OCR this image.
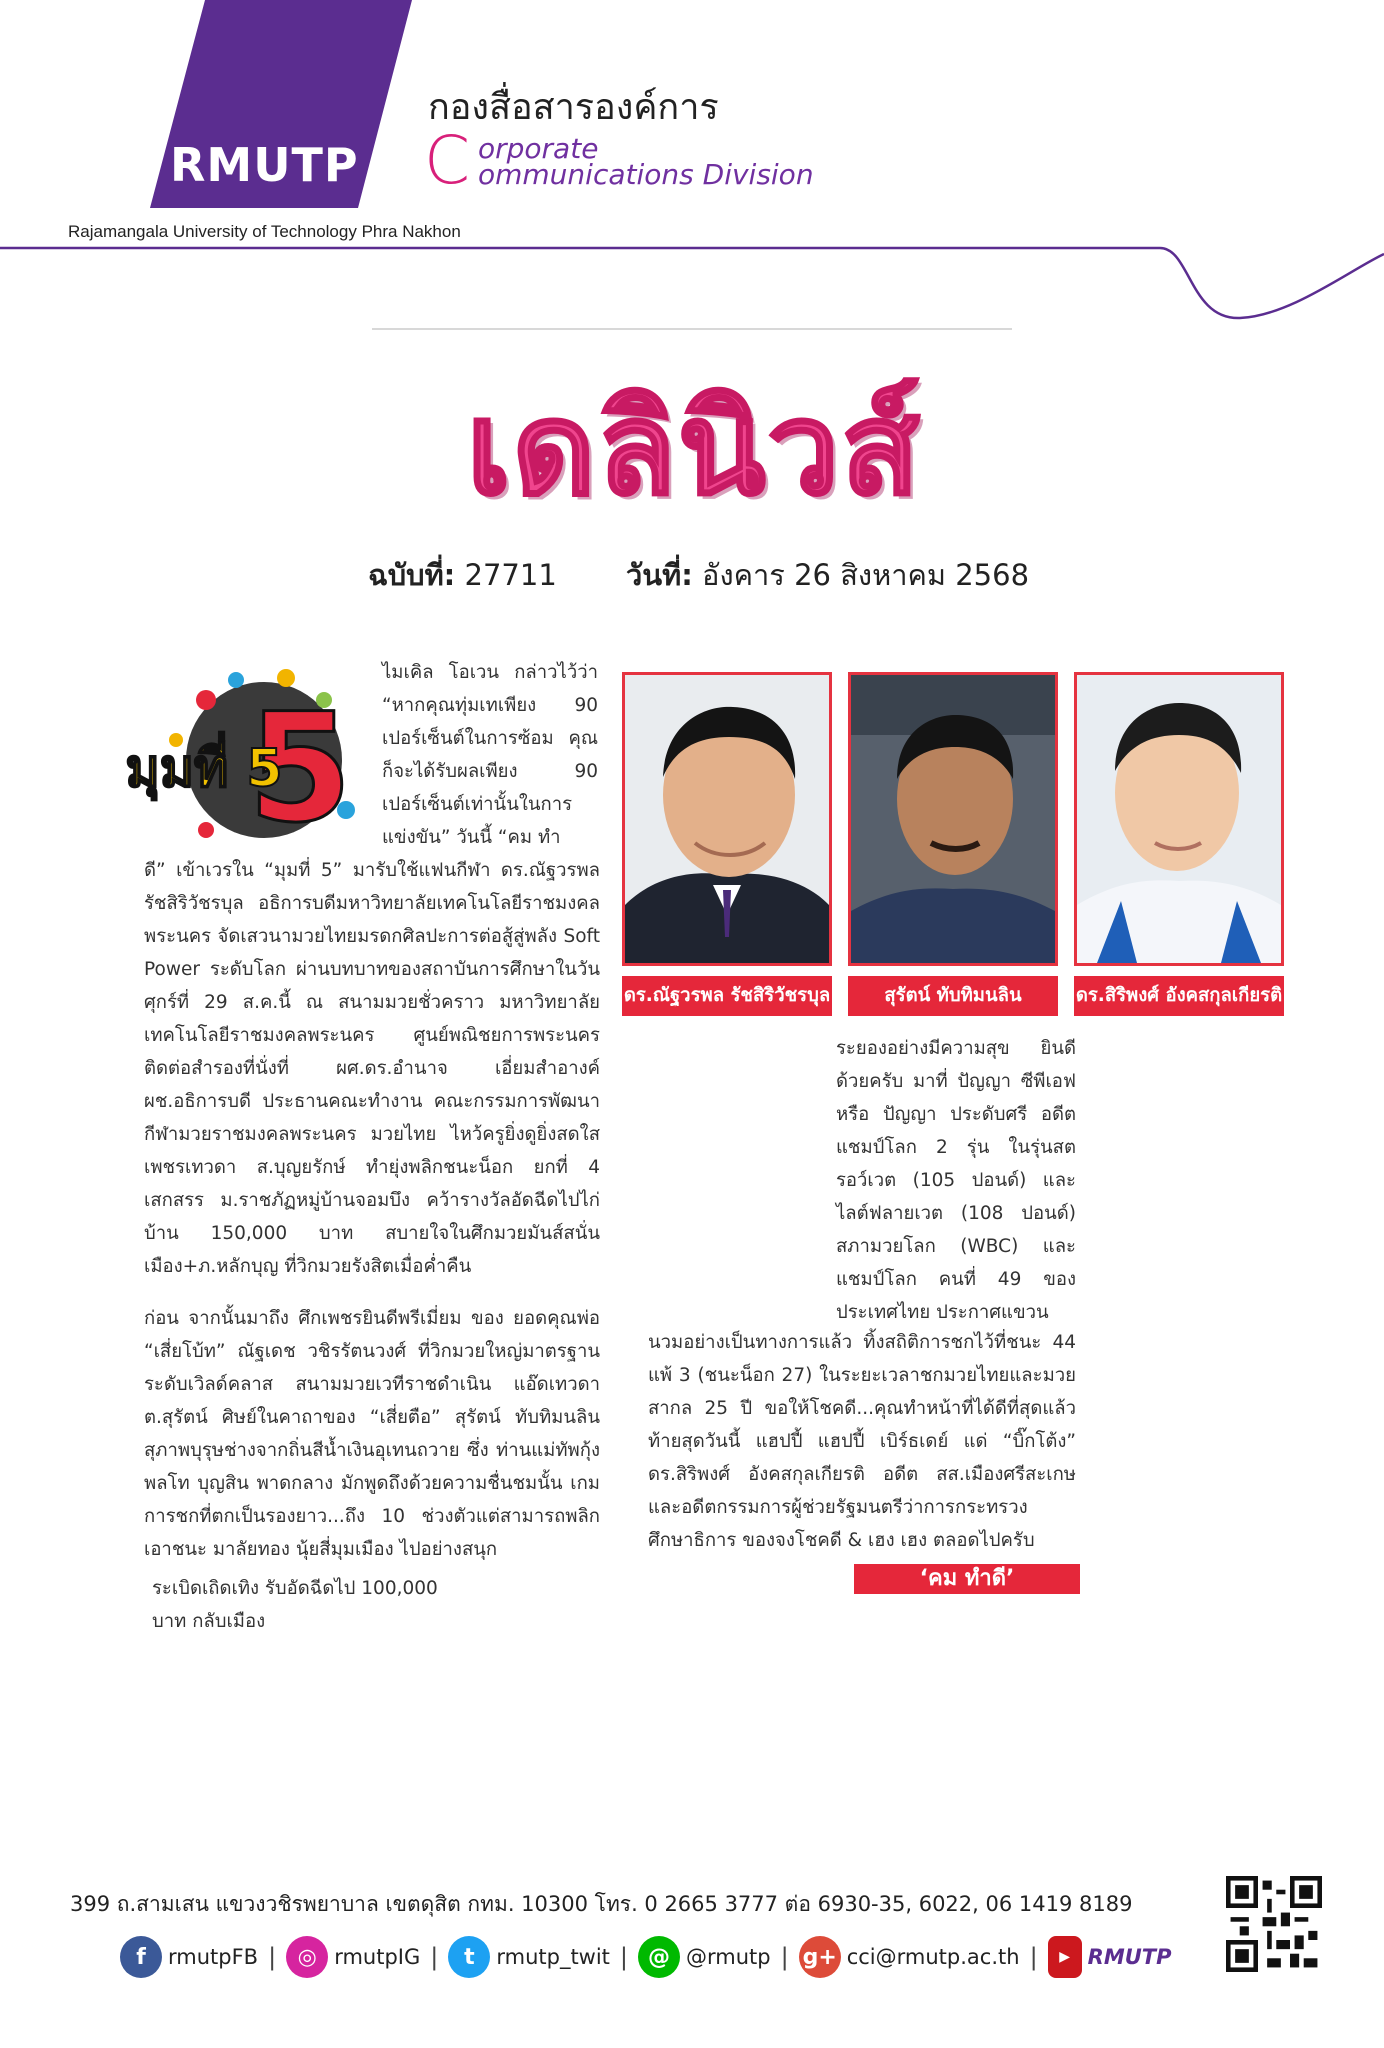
RMUTP
กองสื่อสารองค์การ
C orporate
ommunications Division
Rajamangala University of Technology Phra Nakhon
เดลินิวส์
ฉบับที่: 27711 วันที่: อังคาร 26 สิงหาคม 2568
5
มุมที่ 5
ไมเคิล โอเวน กล่าวไว้ว่า “หากคุณทุ่มเทเพียง 90 เปอร์เซ็นต์ในการซ้อม คุณก็จะได้รับผลเพียง 90 เปอร์เซ็นต์เท่านั้นในการแข่งขัน” วันนี้ “คม ทำ
ดี” เข้าเวรใน “มุมที่ 5” มารับใช้แฟนกีฬา ดร.ณัฐวรพล รัชสิริวัชรบุล อธิการบดีมหาวิทยาลัยเทคโนโลยีราชมงคลพระนคร จัดเสวนามวยไทยมรดกศิลปะการต่อสู้สู่พลัง Soft Power ระดับโลก ผ่านบทบาทของสถาบันการศึกษาในวันศุกร์ที่ 29 ส.ค.นี้ ณ สนามมวยชั่วคราว มหาวิทยาลัยเทคโนโลยีราชมงคลพระนคร ศูนย์พณิชยการพระนคร ติดต่อสำรองที่นั่งที่ ผศ.ดร.อำนาจ เอี่ยมสำอางค์ ผช.อธิการบดี ประธานคณะทำงาน คณะกรรมการพัฒนากีฬามวยราชมงคลพระนคร มวยไทย ไหว้ครูยิ่งดูยิ่งสดใส เพชรเทวดา ส.บุญยรักษ์ ทำยุ่งพลิกชนะน็อก ยกที่ 4 เสกสรร ม.ราชภัฏหมู่บ้านจอมบึง คว้ารางวัลอัดฉีดไปไก่บ้าน 150,000 บาท สบายใจในศึกมวยมันส์สนั่นเมือง+ภ.หลักบุญ ที่วิกมวยรังสิตเมื่อค่ำคืน
ก่อน จากนั้นมาถึง ศึกเพชรยินดีพรีเมี่ยม ของ ยอดคุณพ่อ “เสี่ยโบ้ท” ณัฐเดช วชิรรัตนวงศ์ ที่วิกมวยใหญ่มาตรฐานระดับเวิลด์คลาส สนามมวยเวทีราชดำเนิน แอ๊ดเทวดา ต.สุรัตน์ ศิษย์ในคาถาของ “เสี่ยตือ” สุรัตน์ ทับทิมนลิน สุภาพบุรุษช่างจากถิ่นสีน้ำเงินอุเทนถวาย ซึ่ง ท่านแม่ทัพกุ้ง พลโท บุญสิน พาดกลาง มักพูดถึงด้วยความชื่นชมนั้น เกมการชกที่ตกเป็นรองยาว...ถึง 10 ช่วงตัวแต่สามารถพลิกเอาชนะ มาลัยทอง นุ้ยสี่มุมเมือง ไปอย่างสนุก
ระเบิดเถิดเทิง รับอัดฉีดไป 100,000 บาท กลับเมือง
ดร.ณัฐวรพล รัชสิริวัชรบุล	สุรัตน์ ทับทิมนลิน	ดร.สิริพงศ์ อังคสกุลเกียรติ
ระยองอย่างมีความสุข ยินดีด้วยครับ มาที่ ปัญญา ซีพีเอฟ หรือ ปัญญา ประดับศรี อดีตแชมป์โลก 2 รุ่น ในรุ่นสตรอว์เวต (105 ปอนด์) และไลต์ฟลายเวต (108 ปอนด์) สภามวยโลก (WBC) และแชมป์โลก คนที่ 49 ของประเทศไทย ประกาศแขวน
นวมอย่างเป็นทางการแล้ว ทิ้งสถิติการชกไว้ที่ชนะ 44 แพ้ 3 (ชนะน็อก 27) ในระยะเวลาชกมวยไทยและมวยสากล 25 ปี ขอให้โชคดี...คุณทำหน้าที่ได้ดีที่สุดแล้ว ท้ายสุดวันนี้ แฮปปี้ แฮปปี้ เบิร์ธเดย์ แด่ “บิ๊กโต้ง” ดร.สิริพงศ์ อังคสกุลเกียรติ อดีต สส.เมืองศรีสะเกษ และอดีตกรรมการผู้ช่วยรัฐมนตรีว่าการกระทรวงศึกษาธิการ ของจงโชคดี & เฮง เฮง ตลอดไปครับ
‘คม ทำดี’
399 ถ.สามเสน แขวงวชิรพยาบาล เขตดุสิต กทม. 10300 โทร. 0 2665 3777 ต่อ 6930-35, 6022, 06 1419 8189
f	rmutpFB | ◎ rmutpIG |	t	rmutp_twit | @ @rmutp | g+ cci@rmutp.ac.th |	▶ RMUTP
